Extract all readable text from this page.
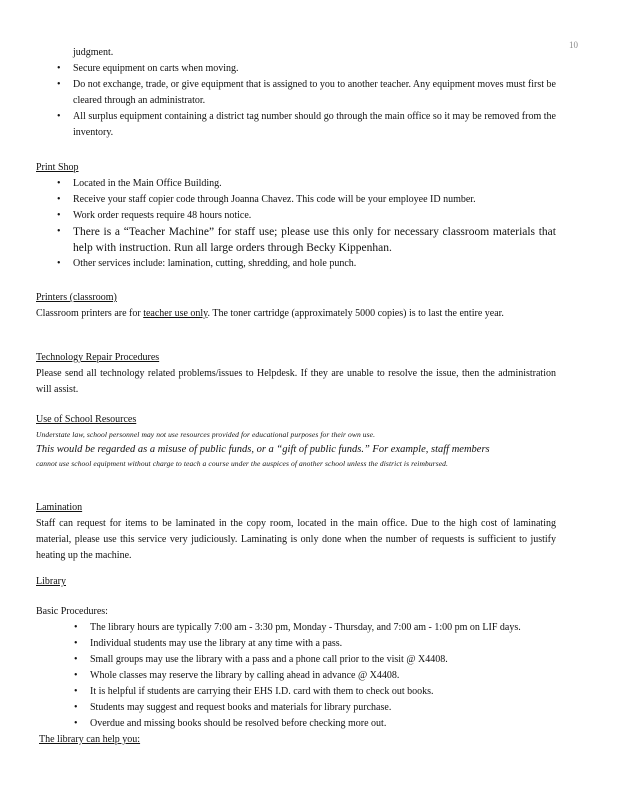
10
judgment.
• Secure equipment on carts when moving.
• Do not exchange, trade, or give equipment that is assigned to you to another teacher. Any equipment moves must first be cleared through an administrator.
• All surplus equipment containing a district tag number should go through the main office so it may be removed from the inventory.
Print Shop
• Located in the Main Office Building.
• Receive your staff copier code through Joanna Chavez. This code will be your employee ID number.
• Work order requests require 48 hours notice.
• There is a “Teacher Machine” for staff use; please use this only for necessary classroom materials that help with instruction. Run all large orders through Becky Kippenhan.
• Other services include: lamination, cutting, shredding, and hole punch.
Printers (classroom)

Classroom printers are for teacher use only. The toner cartridge (approximately 5000 copies) is to last the entire year.

Technology Repair Procedures

Please send all technology related problems/issues to Helpdesk. If they are unable to resolve the issue, then the administration will assist.

Use of School Resources

Understate law, school personnel may not use resources provided for educational purposes for their own use.

This would be regarded as a misuse of public funds, or a “gift of public funds.” For example, staff members

cannot use school equipment without charge to teach a course under the auspices of another school unless the district is reimbursed.

Lamination

Staff can request for items to be laminated in the copy room, located in the main office. Due to the high cost of laminating material, please use this service very judiciously. Laminating is only done when the number of requests is sufficient to justify heating up the machine.

Library
Basic Procedures:
• The library hours are typically 7:00 am - 3:30 pm, Monday - Thursday, and 7:00 am - 1:00 pm on LIF days.
• Individual students may use the library at any time with a pass.
• Small groups may use the library with a pass and a phone call prior to the visit @ X4408.
• Whole classes may reserve the library by calling ahead in advance @ X4408.
• It is helpful if students are carrying their EHS I.D. card with them to check out books.
• Students may suggest and request books and materials for library purchase.
• Overdue and missing books should be resolved before checking more out.
The library can help you:
